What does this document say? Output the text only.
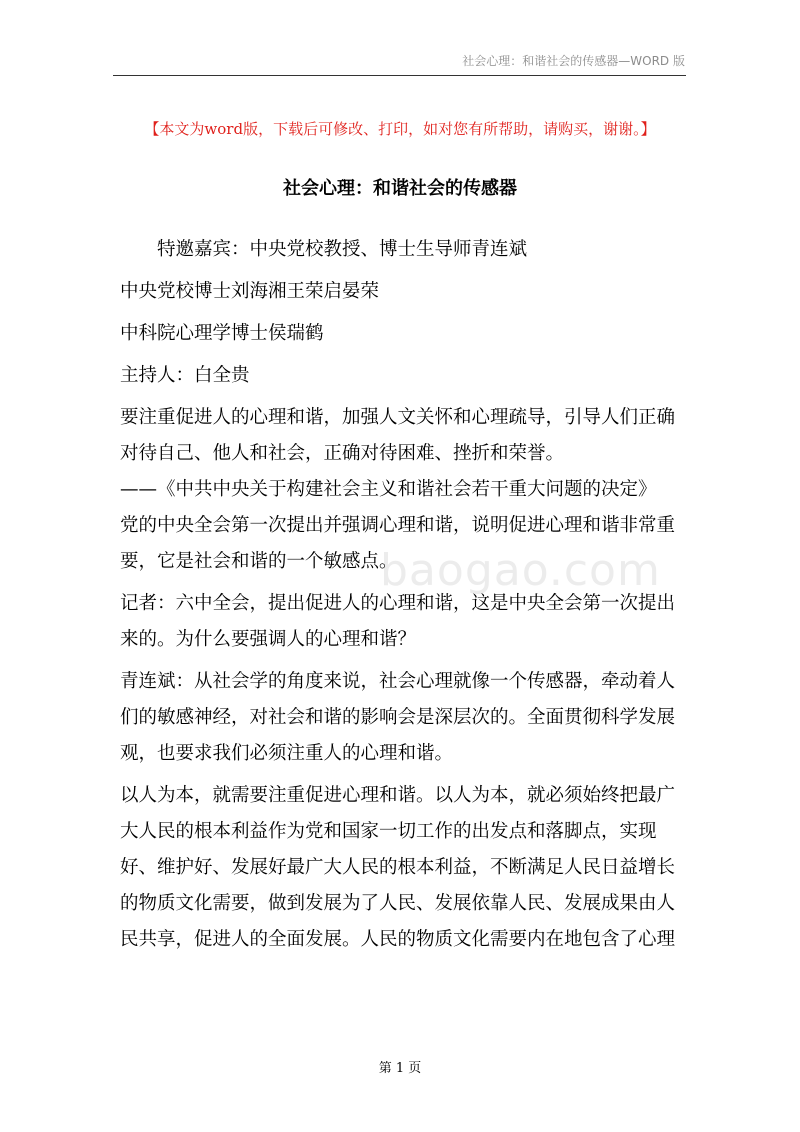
社会心理：和谐社会的传感器—WORD 版
【本文为word版，下载后可修改、打印，如对您有所帮助，请购买，谢谢。】
社会心理：和谐社会的传感器
baogao.com

特邀嘉宾：中央党校教授、博士生导师青连斌

中央党校博士刘海湘王荣启晏荣

中科院心理学博士侯瑞鹤

主持人：白全贵

要注重促进人的心理和谐，加强人文关怀和心理疏导，引导人们正确对待自己、他人和社会，正确对待困难、挫折和荣誉。

——《中共中央关于构建社会主义和谐社会若干重大问题的决定》

党的中央全会第一次提出并强调心理和谐，说明促进心理和谐非常重要，它是社会和谐的一个敏感点。

记者：六中全会，提出促进人的心理和谐，这是中央全会第一次提出来的。为什么要强调人的心理和谐？

青连斌：从社会学的角度来说，社会心理就像一个传感器，牵动着人们的敏感神经，对社会和谐的影响会是深层次的。全面贯彻科学发展观，也要求我们必须注重人的心理和谐。

以人为本，就需要注重促进心理和谐。以人为本，就必须始终把最广大人民的根本利益作为党和国家一切工作的出发点和落脚点，实现好、维护好、发展好最广大人民的根本利益，不断满足人民日益增长的物质文化需要，做到发展为了人民、发展依靠人民、发展成果由人民共享，促进人的全面发展。人民的物质文化需要内在地包含了心理

第 1 页
